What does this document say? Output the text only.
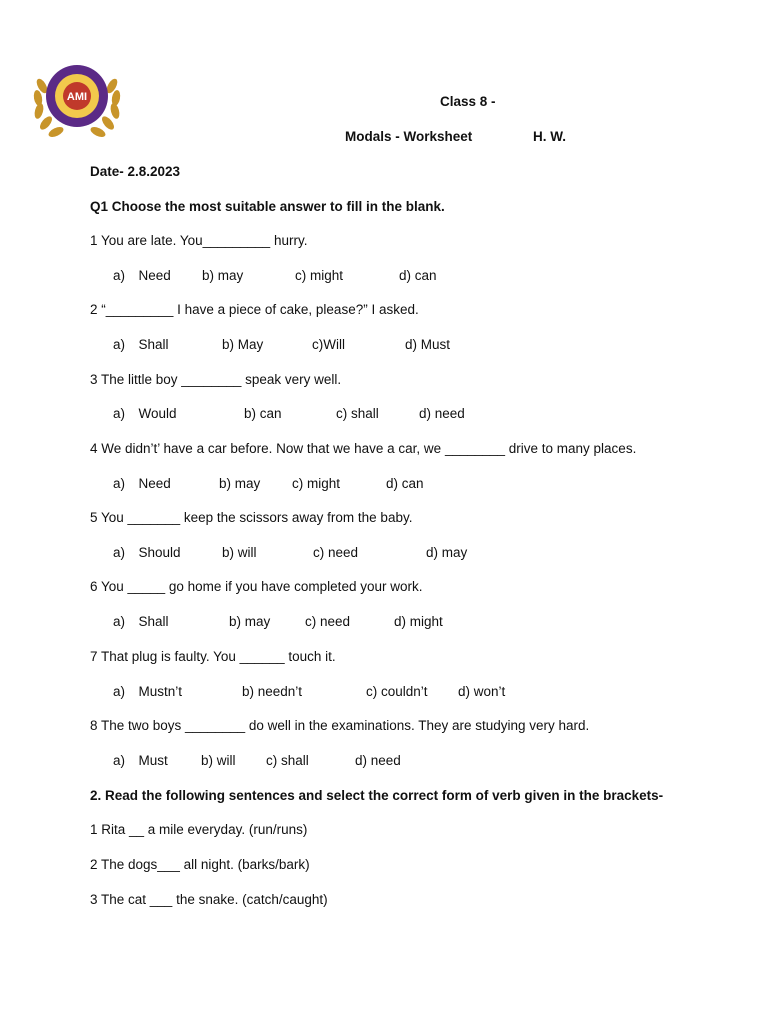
AMI	Class 8 -
Modals - Worksheet	H. W.
Date- 2.8.2023
Q1 Choose the most suitable answer to fill in the blank.
1 You are late. You_________ hurry.
a) Need b) may	c) might	d) can
2 “_________ I have a piece of cake, please?” I asked.
a) Shall	b) May	c)Will	d) Must
3 The little boy ________ speak very well.
a) Would	b) can	c) shall	d) need
4 We didn’t’ have a car before. Now that we have a car, we ________ drive to many places.
a) Need	b) may c) might	d) can
5 You _______ keep the scissors away from the baby.
a) Should	b) will	c) need	d) may
6 You _____ go home if you have completed your work.
a) Shall	b) may	c) need	d) might
7 That plug is faulty. You ______ touch it.
a) Mustn’t	b) needn’t	c) couldn’t d) won’t
8 The two boys ________ do well in the examinations. They are studying very hard.
a) Must b) will c) shall	d) need
2. Read the following sentences and select the correct form of verb given in the brackets-
1 Rita __ a mile everyday. (run/runs)
2 The dogs___ all night. (barks/bark)
3 The cat ___ the snake. (catch/caught)
